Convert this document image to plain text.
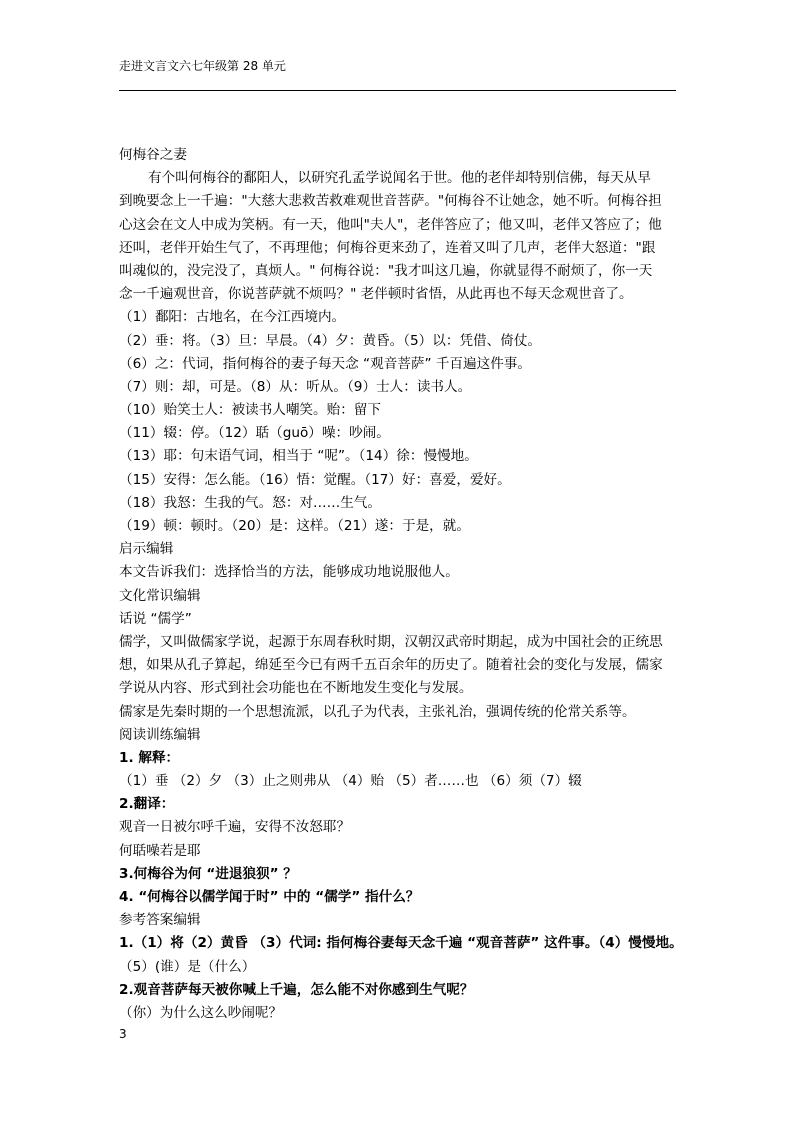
走进文言文六七年级第 28 单元
何梅谷之妻
有个叫何梅谷的鄱阳人，以研究孔孟学说闻名于世。他的老伴却特别信佛，每天从早
到晚要念上一千遍："大慈大悲救苦救难观世音菩萨。"何梅谷不让她念，她不听。何梅谷担
心这会在文人中成为笑柄。有一天，他叫"夫人"，老伴答应了；他又叫，老伴又答应了；他
还叫，老伴开始生气了，不再理他；何梅谷更来劲了，连着又叫了几声，老伴大怒道："跟
叫魂似的，没完没了，真烦人。" 何梅谷说："我才叫这几遍，你就显得不耐烦了，你一天
念一千遍观世音，你说菩萨就不烦吗？" 老伴顿时省悟，从此再也不每天念观世音了。
（1）鄱阳：古地名，在今江西境内。
（2）垂：将。（3）旦：早晨。（4）夕：黄昏。（5）以：凭借、倚仗。
（6）之：代词，指何梅谷的妻子每天念 “观音菩萨” 千百遍这件事。
（7）则：却，可是。（8）从：听从。（9）士人：读书人。
（10）贻笑士人：被读书人嘲笑。贻：留下
（11）辍：停。（12）聒（guō）噪：吵闹。
（13）耶：句末语气词，相当于 “呢”。（14）徐：慢慢地。
（15）安得：怎么能。（16）悟：觉醒。（17）好：喜爱，爱好。
（18）我怒：生我的气。怒：对……生气。
（19）顿：顿时。（20）是：这样。（21）遂：于是，就。
启示编辑
本文告诉我们：选择恰当的方法，能够成功地说服他人。
文化常识编辑
话说 “儒学”
儒学，又叫做儒家学说，起源于东周春秋时期，汉朝汉武帝时期起，成为中国社会的正统思
想，如果从孔子算起，绵延至今已有两千五百余年的历史了。随着社会的变化与发展，儒家
学说从内容、形式到社会功能也在不断地发生变化与发展。
儒家是先秦时期的一个思想流派，以孔子为代表，主张礼治，强调传统的伦常关系等。
阅读训练编辑
1. 解释：
（1）垂 （2）夕 （3）止之则弗从 （4）贻 （5）者……也 （6）须（7）辍
2.翻译：
观音一日被尔呼千遍，安得不汝怒耶？
何聒噪若是耶
3.何梅谷为何 “进退狼狈” ？
4. “何梅谷以儒学闻于时” 中的 “儒学” 指什么？
参考答案编辑
1.（1）将（2）黄昏 （3）代词: 指何梅谷妻每天念千遍 “观音菩萨” 这件事。（4）慢慢地。
（5）(谁）是（什么）
2.观音菩萨每天被你喊上千遍，怎么能不对你感到生气呢？
（你）为什么这么吵闹呢？
3
